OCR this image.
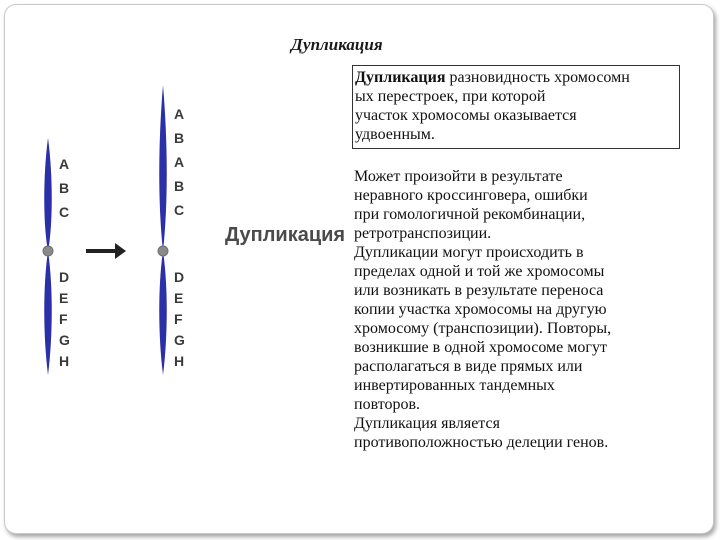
Дупликация
A
B
C
D
E
F
G
H
A
B
A
B
C
D
E
F
G
H
Дупликация
Дупликация разновидность хромосомн
ых перестроек, при которой
участок хромосомы оказывается
удвоенным.

Может произойти в результате
неравного кроссинговера, ошибки
при гомологичной рекомбинации,
ретротранспозиции.

Дупликации могут происходить в
пределах одной и той же хромосомы
или возникать в результате переноса
копии участка хромосомы на другую
хромосому (транспозиции). Повторы,
возникшие в одной хромосоме могут
располагаться в виде прямых или
инвертированных тандемных
повторов.

Дупликация является
противоположностью делеции генов.
